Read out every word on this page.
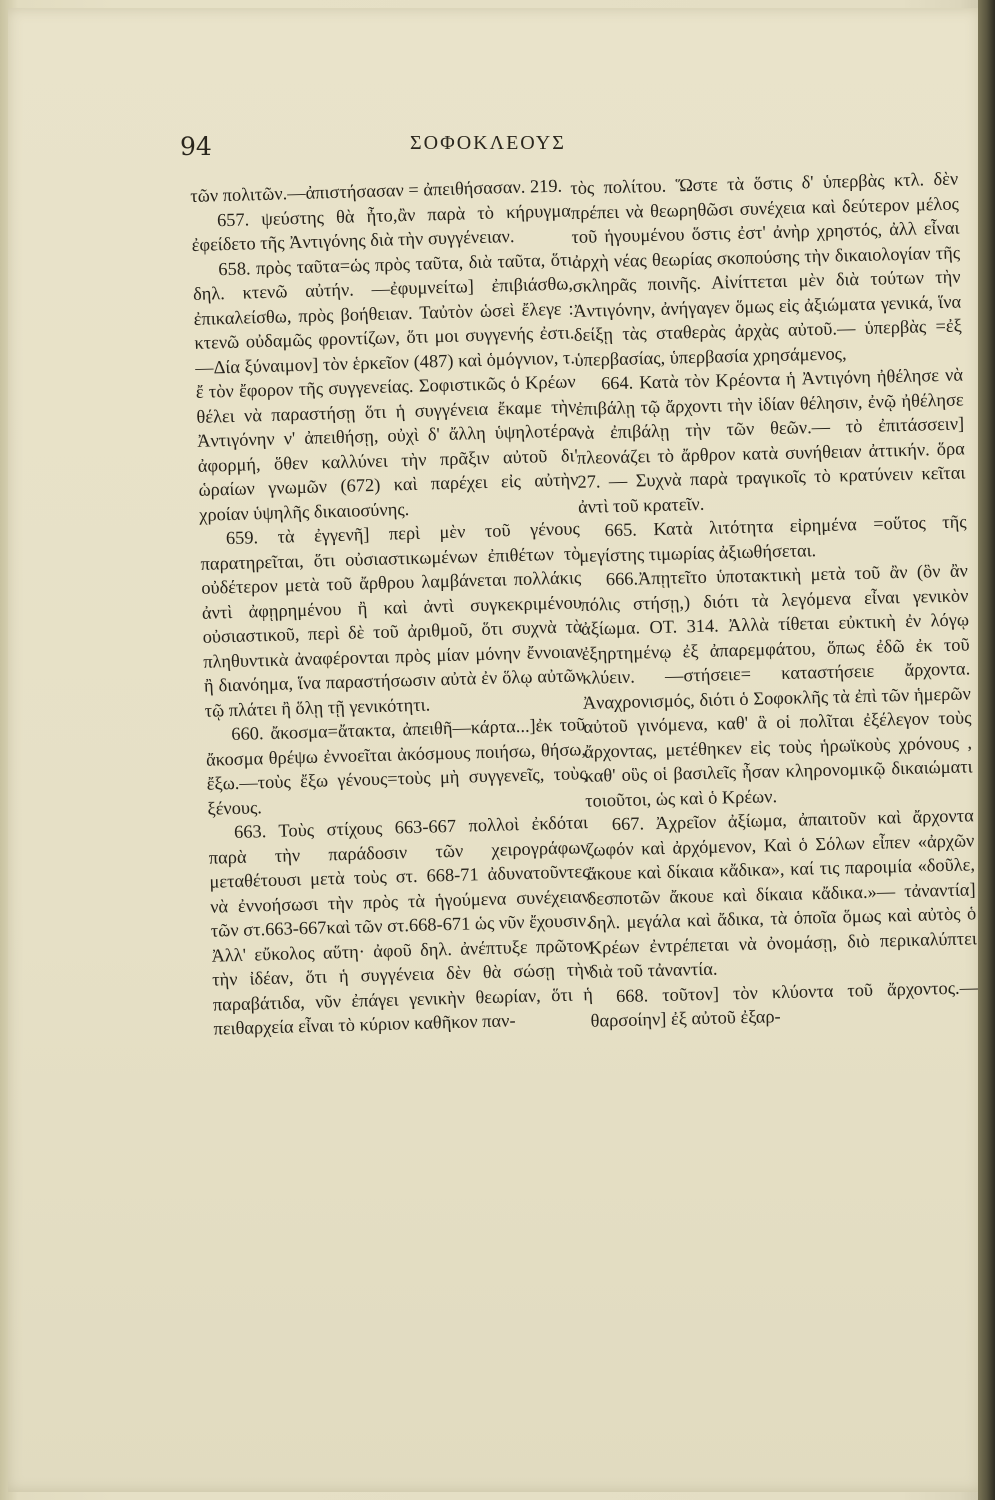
94	ΣΟΦΟΚΛΕΟΥΣ

τῶν πολιτῶν.—ἀπιστήσασαν = ἀπειθήσασαν. 219.

657. ψεύστης θὰ ἦτο,ἂν παρὰ τὸ κήρυγμα ἐφείδετο τῆς Ἀντιγόνης διὰ τὴν συγγένειαν.

658. πρὸς ταῦτα=ὡς πρὸς ταῦτα, διὰ ταῦτα, ὅτι δηλ. κτενῶ αὐτήν. —ἐφυμνείτω] ἐπιβιάσθω, ἐπικαλείσθω, πρὸς βοήθειαν. Ταὐτὸν ὡσεὶ ἔλεγε : κτενῶ οὐδαμῶς φροντίζων, ὅτι μοι συγγενής ἐστι.—Δία ξύναιμον] τὸν ἑρκεῖον (487) καὶ ὁμόγνιον, τ. ἔ τὸν ἔφορον τῆς συγγενείας. Σοφιστικῶς ὁ Κρέων θέλει νὰ παραστήσῃ ὅτι ἡ συγγένεια ἔκαμε τὴν Ἀντιγόνην ν' ἀπειθήσῃ, οὐχὶ δ' ἄλλη ὑψηλοτέρα ἀφορμή, ὅθεν καλλύνει τὴν πρᾶξιν αὐτοῦ δι' ὡραίων γνωμῶν (672) καὶ παρέχει εἰς αὐτὴν χροίαν ὑψηλῆς δικαιοσύνης.

659. τὰ ἐγγενῆ] περὶ μὲν τοῦ γένους παρατηρεῖται, ὅτι οὐσιαστικωμένων ἐπιθέτων τὸ οὐδέτερον μετὰ τοῦ ἄρθρου λαμβάνεται πολλάκις ἀντὶ ἀφῃρημένου ἢ καὶ ἀντὶ συγκεκριμένου οὐσιαστικοῦ, περὶ δὲ τοῦ ἀριθμοῦ, ὅτι συχνὰ τὰ πληθυντικὰ ἀναφέρονται πρὸς μίαν μόνην ἔννοιαν ἢ διανόημα, ἵνα παραστήσωσιν αὐτὰ ἐν ὅλῳ αὐτῶν τῷ πλάτει ἢ ὅλῃ τῇ γενικότητι.

660. ἄκοσμα=ἄτακτα, ἀπειθῆ—κάρτα...]ἐκ τοῦ ἄκοσμα θρέψω ἐννοεῖται ἀκόσμους ποιήσω, θήσω, ἔξω.—τοὺς ἔξω γένους=τοὺς μὴ συγγενεῖς, τοὺς ξένους.

663. Τοὺς στίχους 663-667 πολλοὶ ἐκδόται παρὰ τὴν παράδοσιν τῶν χειρογράφων μεταθέτουσι μετὰ τοὺς στ. 668-71 ἀδυνατοῦντες νὰ ἐννοήσωσι τὴν πρὸς τὰ ἡγούμενα συνέχειαν τῶν στ.663-667καὶ τῶν στ.668-671 ὡς νῦν ἔχουσιν. Ἀλλ' εὔκολος αὕτη· ἀφοῦ δηλ. ἀνέπτυξε πρῶτον τὴν ἰδέαν, ὅτι ἡ συγγένεια δὲν θὰ σώσῃ τὴν παραβάτιδα, νῦν ἐπάγει γενικὴν θεωρίαν, ὅτι ἡ πειθαρχεία εἶναι τὸ κύριον καθῆκον παν-

τὸς πολίτου. Ὥστε τὰ ὅστις δ' ὑπερβὰς κτλ. δὲν πρέπει νὰ θεωρηθῶσι συνέχεια καὶ δεύτερον μέλος τοῦ ἡγουμένου ὅστις ἐστ' ἀνὴρ χρηστός, ἀλλ εἶναι ἀρχὴ νέας θεωρίας σκοπούσης τὴν δικαιολογίαν τῆς σκληρᾶς ποινῆς. Αἰνίττεται μὲν διὰ τούτων τὴν Ἀντιγόνην, ἀνήγαγεν ὅμως εἰς ἀξιώματα γενικά, ἵνα δείξῃ τὰς σταθερὰς ἀρχὰς αὐτοῦ.— ὑπερβὰς =ἐξ ὑπερβασίας, ὑπερβασία χρησάμενος,

664. Κατὰ τὸν Κρέοντα ἡ Ἀντιγόνη ἠθέλησε νὰ ἐπιβάλῃ τῷ ἄρχοντι τὴν ἰδίαν θέλησιν, ἐνῷ ἠθέλησε νὰ ἐπιβάλῃ τὴν τῶν θεῶν.— τὸ ἐπιτάσσειν] πλεονάζει τὸ ἄρθρον κατὰ συνήθειαν ἀττικήν. ὅρα 27. — Συχνὰ παρὰ τραγικοῖς τὸ κρατύνειν κεῖται ἀντὶ τοῦ κρατεῖν.

665. Κατὰ λιτότητα εἰρημένα =οὕτος τῆς μεγίστης τιμωρίας ἀξιωθήσεται.

666.Ἀπῃτεῖτο ὑποτακτικὴ μετὰ τοῦ ἂν (ὃν ἂν πόλις στήσῃ,) διότι τὰ λεγόμενα εἶναι γενικὸν ἀξίωμα. ΟΤ. 314. Ἀλλὰ τίθεται εὐκτικὴ ἐν λόγῳ ἐξηρτημένῳ ἐξ ἀπαρεμφάτου, ὅπως ἐδῶ ἐκ τοῦ κλύειν. —στήσειε= καταστήσειε ἄρχοντα. Ἀναχρονισμός, διότι ὁ Σοφοκλῆς τὰ ἐπὶ τῶν ἡμερῶν αὐτοῦ γινόμενα, καθ' ἃ οἱ πολῖται ἐξέλεγον τοὺς ἄρχοντας, μετέθηκεν εἰς τοὺς ἡρωϊκοὺς χρόνους , καθ' οὓς οἱ βασιλεῖς ἦσαν κληρονομικῷ δικαιώματι τοιοῦτοι, ὡς καὶ ὁ Κρέων.

667. Ἀχρεῖον ἀξίωμα, ἀπαιτοῦν καὶ ἄρχοντα ζωφόν καὶ ἀρχόμενον, Καὶ ὁ Σόλων εἶπεν «ἀρχῶν ἄκουε καὶ δίκαια κἄδικα», καί τις παροιμία «δοῦλε, δεσποτῶν ἄκουε καὶ δίκαια κἄδικα.»— τἀναντία] δηλ. μεγάλα καὶ ἄδικα, τὰ ὁποῖα ὅμως καὶ αὐτὸς ὁ Κρέων ἐντρέπεται νὰ ὀνομάσῃ, διὸ περικαλύπτει διὰ τοῦ τἀναντία.

668. τοῦτον] τὸν κλύοντα τοῦ ἄρχοντος.—θαρσοίην] ἐξ αὐτοῦ ἐξαρ-
